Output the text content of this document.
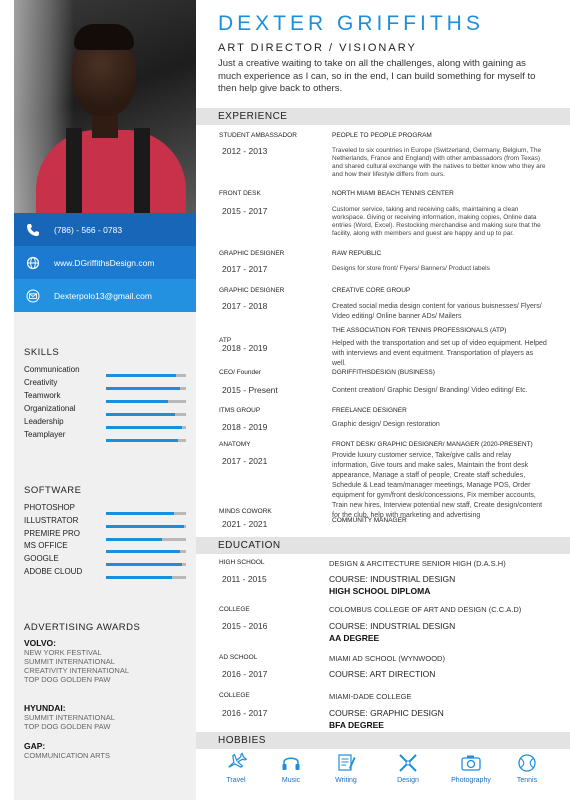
(786) - 566 - 0783
www.DGriffithsDesign.com
Dexterpolo13@gmail.com
SKILLS
Communication
Creativity
Teamwork
Organizational
Leadership
Teamplayer
SOFTWARE
PHOTOSHOP
ILLUSTRATOR
PREMIRE PRO
MS OFFICE
GOOGLE
ADOBE CLOUD
ADVERTISING AWARDS
VOLVO:
NEW YORK FESTIVAL
SUMMIT INTERNATIONAL
CREATIVITY INTERNATIONAL
TOP DOG GOLDEN PAW
HYUNDAI:
SUMMIT INTERNATIONAL
TOP DOG GOLDEN PAW
GAP:
COMMUNICATION ARTS
DEXTER GRIFFITHS
ART DIRECTOR / VISIONARY
Just a creative waiting to take on all the challenges, along with gaining as much experience as I can, so in the end, I can build something for myself to then help give back to others.
EXPERIENCE
STUDENT AMBASSADOR
2012 - 2013
PEOPLE TO PEOPLE PROGRAM
Traveled to six countries in Europe (Switzerland, Germany, Belgium, The Netherlands, France and England) with other ambassadors (from Texas) and shared cultural exchange with the natives to better know who they are and how their lifestyle differs from ours.
FRONT DESK
2015 - 2017
NORTH MIAMI BEACH TENNIS CENTER
Customer service, taking and receiving calls, maintaining a clean workspace. Giving or receiving information, making copies, Online data entries (Word, Excel). Restocking merchandise and making sure that the facility, along with members and guest are happy and up to par.
GRAPHIC DESIGNER
2017 - 2017
RAW REPUBLIC
Designs for store front/ Flyers/ Banners/ Product labels
GRAPHIC DESIGNER
2017 - 2018
CREATIVE CORE GROUP
Created social media design content for various buisnesses/ Flyers/ Video editing/ Online banner ADs/ Mailers
ATP
2018 - 2019
THE ASSOCIATION FOR TENNIS PROFESSIONALS (ATP)
Helped with the transportation and set up of video equipment. Helped with interviews and event equitment. Transportation of players as well.
CEO/ Founder
2015 - Present
DGRIFFITHSDESIGN (BUSINESS)
Content creation/ Graphic Design/ Branding/ Video editing/ Etc.
ITMS GROUP
2018 - 2019
FREELANCE DESIGNER
Graphic design/ Design restoration
ANATOMY
2017 - 2021
FRONT DESK/ GRAPHIC DESIGNER/ MANAGER (2020-PRESENT)
Provide luxury customer service, Take/give calls and relay information, Give tours and make sales, Maintain the front desk appearance, Manage a staff of people, Create staff schedules, Schedule & Lead team/manager meetings, Manage POS, Order equipment for gym/front desk/concessions, Fix member accounts, Train new hires, Interview potential new staff, Create design/content for the club, help with marketing and advertising
MINDS COWORK
2021 - 2021	COMMUNITY MANAGER
EDUCATION
HIGH SCHOOL
2011 - 2015
DESIGN & ARCITECTURE SENIOR HIGH (D.A.S.H)
COURSE: INDUSTRIAL DESIGN
HIGH SCHOOL DIPLOMA
COLLEGE
2015 - 2016
COLOMBUS COLLEGE OF ART AND DESIGN (C.C.A.D)
COURSE: INDUSTRIAL DESIGN
AA DEGREE
AD SCHOOL
2016 - 2017
MIAMI AD SCHOOL (WYNWOOD)
COURSE: ART DIRECTION
COLLEGE
2016 - 2017
MIAMI-DADE COLLEGE
COURSE: GRAPHIC DESIGN
BFA DEGREE
HOBBIES
Travel	Music	Writing	Design	Photography	Tennis
